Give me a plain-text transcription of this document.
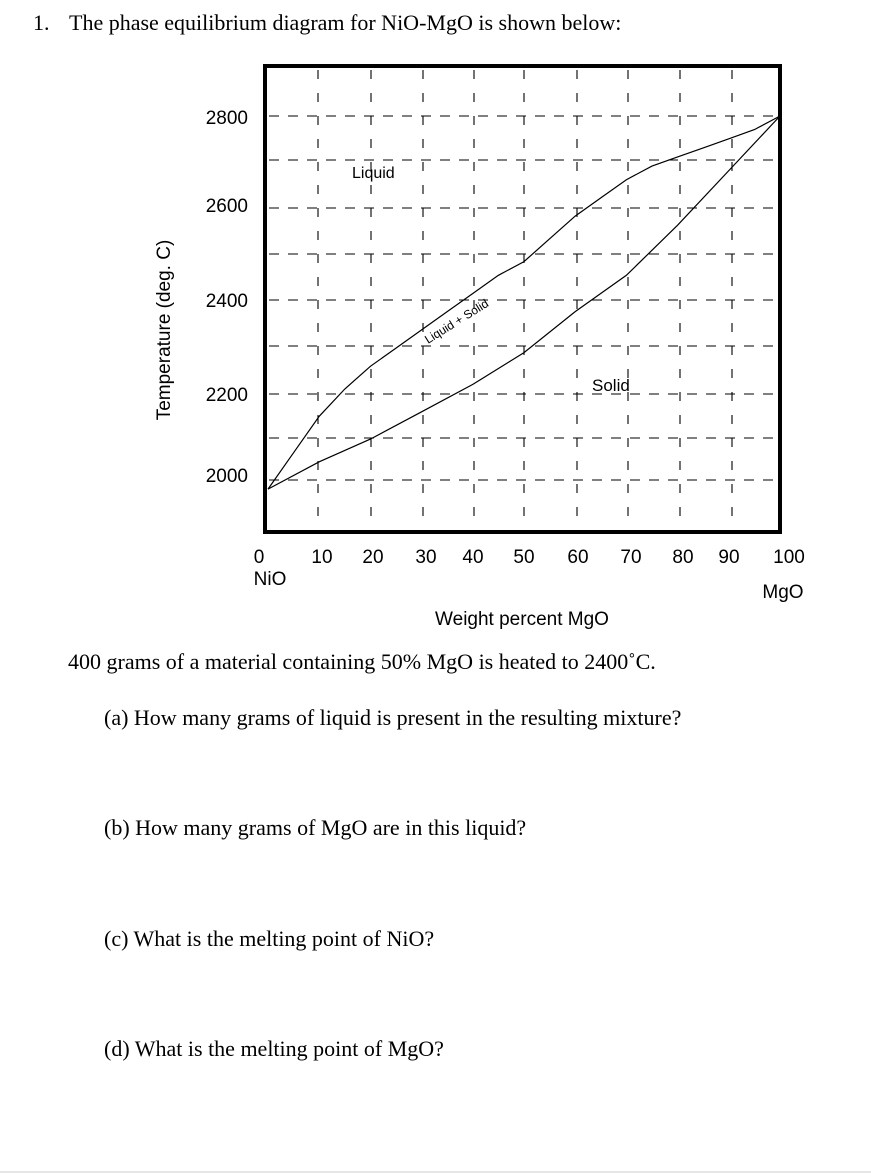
1. The phase equilibrium diagram for NiO-MgO is shown below:
Liquid
Liquid + Solid
Solid
2800
2600
2400
2200
2000
0 10 20 30 40 50 60 70 80 90 100
Temperature (deg. C)
Weight percent MgO
NiO
MgO
400 grams of a material containing 50% MgO is heated to 2400˚C.
(a) How many grams of liquid is present in the resulting mixture?
(b) How many grams of MgO are in this liquid?
(c) What is the melting point of NiO?
(d) What is the melting point of MgO?
